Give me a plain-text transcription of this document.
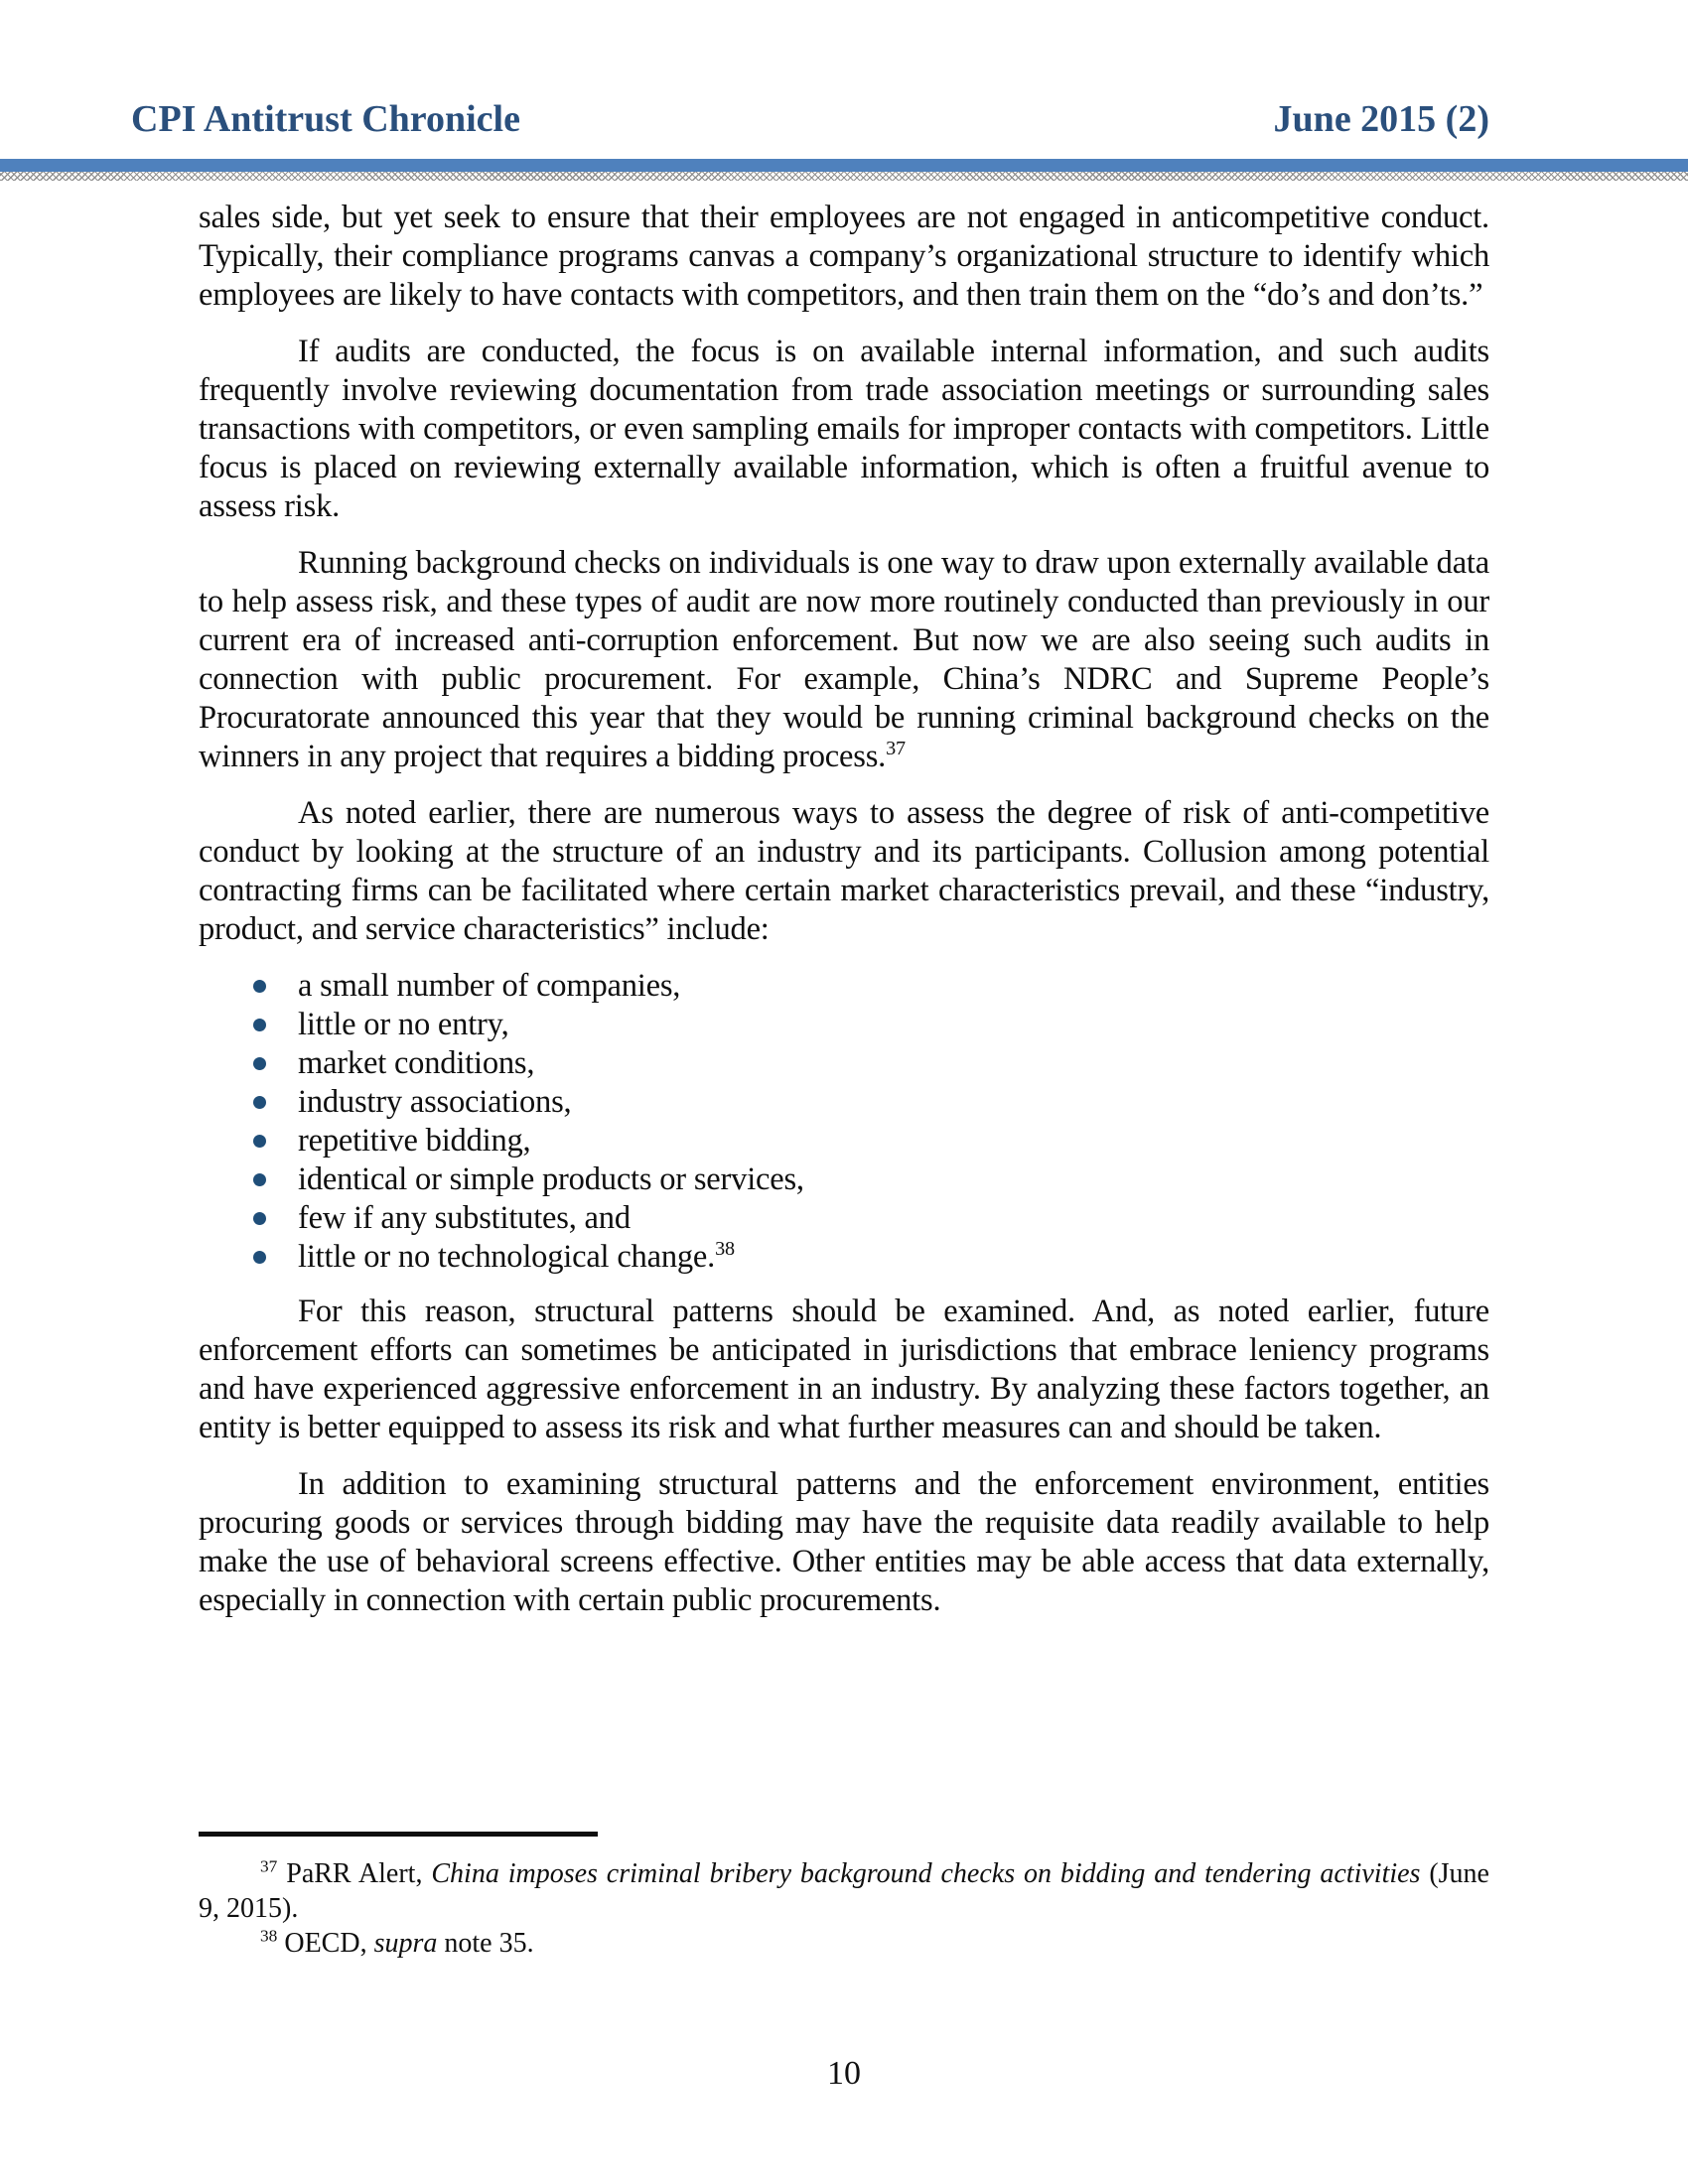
CPI Antitrust Chronicle	June 2015 (2)

sales side, but yet seek to ensure that their employees are not engaged in anticompetitive conduct. Typically, their compliance programs canvas a company’s organizational structure to identify which employees are likely to have contacts with competitors, and then train them on the “do’s and don’ts.”

If audits are conducted, the focus is on available internal information, and such audits frequently involve reviewing documentation from trade association meetings or surrounding sales transactions with competitors, or even sampling emails for improper contacts with competitors. Little focus is placed on reviewing externally available information, which is often a fruitful avenue to assess risk.

Running background checks on individuals is one way to draw upon externally available data to help assess risk, and these types of audit are now more routinely conducted than previously in our current era of increased anti-corruption enforcement. But now we are also seeing such audits in connection with public procurement. For example, China’s NDRC and Supreme People’s Procuratorate announced this year that they would be running criminal background checks on the winners in any project that requires a bidding process.$^{37}$

As noted earlier, there are numerous ways to assess the degree of risk of anti-competitive conduct by looking at the structure of an industry and its participants. Collusion among potential contracting firms can be facilitated where certain market characteristics prevail, and these “industry, product, and service characteristics” include:

a small number of companies,
little or no entry,
market conditions,
industry associations,
repetitive bidding,
identical or simple products or services,
few if any substitutes, and
little or no technological change.$^{38}$

For this reason, structural patterns should be examined. And, as noted earlier, future enforcement efforts can sometimes be anticipated in jurisdictions that embrace leniency programs and have experienced aggressive enforcement in an industry. By analyzing these factors together, an entity is better equipped to assess its risk and what further measures can and should be taken.

In addition to examining structural patterns and the enforcement environment, entities procuring goods or services through bidding may have the requisite data readily available to help make the use of behavioral screens effective. Other entities may be able access that data externally, especially in connection with certain public procurements.

$^{37}$ PaRR Alert, China imposes criminal bribery background checks on bidding and tendering activities (June 9, 2015).

$^{38}$ OECD, supra note 35.

10
